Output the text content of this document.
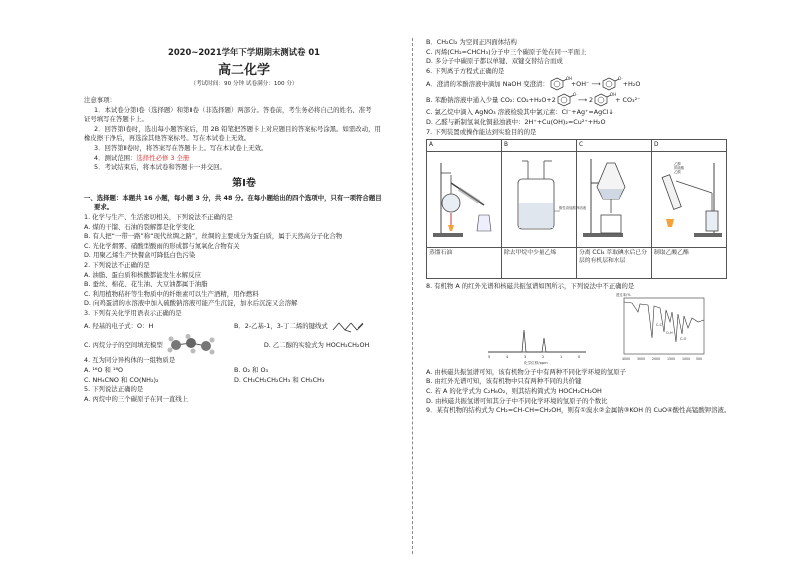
2020~2021学年下学期期末测试卷 01
高二化学
（考试时间：90 分钟 试卷满分：100 分）
注意事项：
1．本试卷分第Ⅰ卷（选择题）和第Ⅱ卷（非选择题）两部分。答卷前，考生务必将自己的姓名、准考
证号填写在答题卡上。
2．回答第Ⅰ卷时，选出每小题答案后，用 2B 铅笔把答题卡上对应题目的答案标号涂黑。如需改动，用
橡皮擦干净后，再选涂其他答案标号。写在本试卷上无效。
3．回答第Ⅱ卷时，将答案写在答题卡上。写在本试卷上无效。
4．测试范围：选择性必修 3 全册
5．考试结束后，将本试卷和答题卡一并交回。
第Ⅰ卷
一、选择题：本题共 16 小题，每小题 3 分，共 48 分。在每小题给出的四个选项中，只有一项符合题目
要求。
1. 化学与生产、生活密切相关，下列说法不正确的是
A. 煤的干馏、石油的裂解都是化学变化
B. 有人把“一带一路”称“现代丝绸之路”，丝绸的主要成分为蛋白质，属于天然高分子化合物
C. 光化学烟雾、硝酸型酸雨的形成都与氮氧化合物有关
D. 用聚乙烯生产快餐盒可降低白色污染
2. 下列说法不正确的是
A. 油脂、蛋白质和核酸都能发生水解反应
B. 蚕丝、棉花、花生油、大豆油都属于油脂
C. 利用植物秸秆等生物质中的纤维素可以生产酒精，用作燃料
D. 向鸡蛋清的水溶液中加入硫酸钠溶液可能产生沉淀，加水后沉淀又会溶解
3. 下列有关化学用语表示正确的是
A. 羟基的电子式：O：H	B．2-乙基-1，3-丁二烯的键线式
C. 丙烷分子的空间填充模型	D. 乙二醇的实验式为 HOCH₂CH₂OH
4. 互为同分异构体的一组物质是
A. ¹⁶O 和 ¹⁸O	B. O₂ 和 O₃
C. NH₄CNO 和 CO(NH₂)₂	D. CH₃CH₂CH₂CH₃ 和 CH₃CH₃
5. 下列说法正确的是
A. 丙烷中的三个碳原子在同一直线上
B．CH₂Cl₂ 为空间正四面体结构
C. 丙烯(CH₂=CHCH₃)分子中三个碳原子处在同一平面上
D. 多分子中碳原子都以单键、双键交替结合而成
6. 下列离子方程式正确的是
A．澄清的苯酚溶液中滴加 NaOH 变澄清：
OH
+OH⁻ ⟶
O⁻
+H₂O
B. 苯酚钠溶液中通入少量 CO₂: CO₂+H₂O+2
O⁻
⟶ 2
OH
+ CO₃²⁻
C. 氯乙烷中滴入 AgNO₃ 溶液检验其中氯元素：Cl⁻+Ag⁺=AgCl↓
D. 乙醛与新制氢氧化铜悬浊液中：2H⁺+Cu(OH)₂=Cu²⁺+H₂O
7. 下列装置或操作能达到实验目的的是
A	B	C	D

酸性高锰酸钾溶液		乙醇
浓硫酸
乙酸

蒸馏石油	除去甲烷中少量乙烯	分离 CCl₄ 萃取碘水后已分层的有机层和水层	制取乙酸乙酯
8. 有机物 A 的红外光谱和核磁共振氢谱如图所示，下列说法中不正确的是
5	4	3	2	1	0
化学位移/ppm
透过率/%
C-C
O-H
C-O
4000 3000 2000 1500 1000 500
A. 由核磁共振氢谱可知，该有机物分子中有两种不同化学环境的氢原子
B. 由红外光谱可知，该有机物中只有两种不同的共价键
C. 若 A 的化学式为 C₂H₆O₂，则其结构简式为 HOCH₂CH₂OH
D. 由核磁共振氢谱可知其分子中不同化学环境的氢原子的个数比
9．某有机物的结构式为 CH₂=CH-CH=CH₂OH，则有①溴水②金属钠③KOH 的 CuO④酸性高锰酸钾溶液。
